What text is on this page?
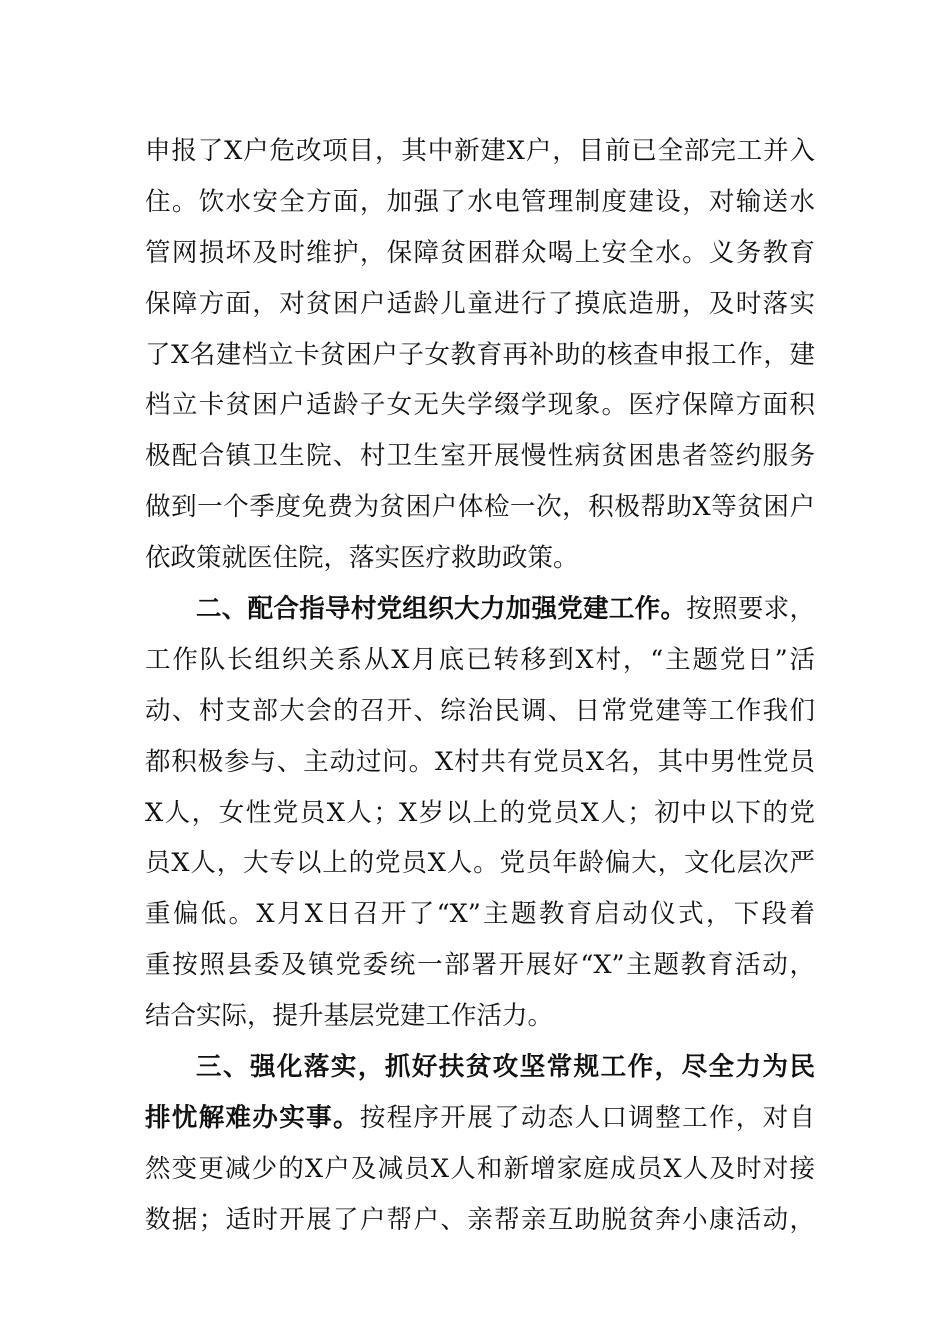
申报了X户危改项目，其中新建X户，目前已全部完工并入
住。饮水安全方面，加强了水电管理制度建设，对输送水
管网损坏及时维护，保障贫困群众喝上安全水。义务教育
保障方面，对贫困户适龄儿童进行了摸底造册，及时落实
了X名建档立卡贫困户子女教育再补助的核查申报工作，建
档立卡贫困户适龄子女无失学缀学现象。医疗保障方面积
极配合镇卫生院、村卫生室开展慢性病贫困患者签约服务
做到一个季度免费为贫困户体检一次，积极帮助X等贫困户
依政策就医住院，落实医疗救助政策。
二、配合指导村党组织大力加强党建工作。按照要求，
工作队长组织关系从X月底已转移到X村，“主题党日”活
动、村支部大会的召开、综治民调、日常党建等工作我们
都积极参与、主动过问。X村共有党员X名，其中男性党员
X人，女性党员X人；X岁以上的党员X人；初中以下的党
员X人，大专以上的党员X人。党员年龄偏大，文化层次严
重偏低。X月X日召开了“X”主题教育启动仪式，下段着
重按照县委及镇党委统一部署开展好“X”主题教育活动，
结合实际，提升基层党建工作活力。
三、强化落实，抓好扶贫攻坚常规工作，尽全力为民
排忧解难办实事。按程序开展了动态人口调整工作，对自
然变更减少的X户及减员X人和新增家庭成员X人及时对接
数据；适时开展了户帮户、亲帮亲互助脱贫奔小康活动，
